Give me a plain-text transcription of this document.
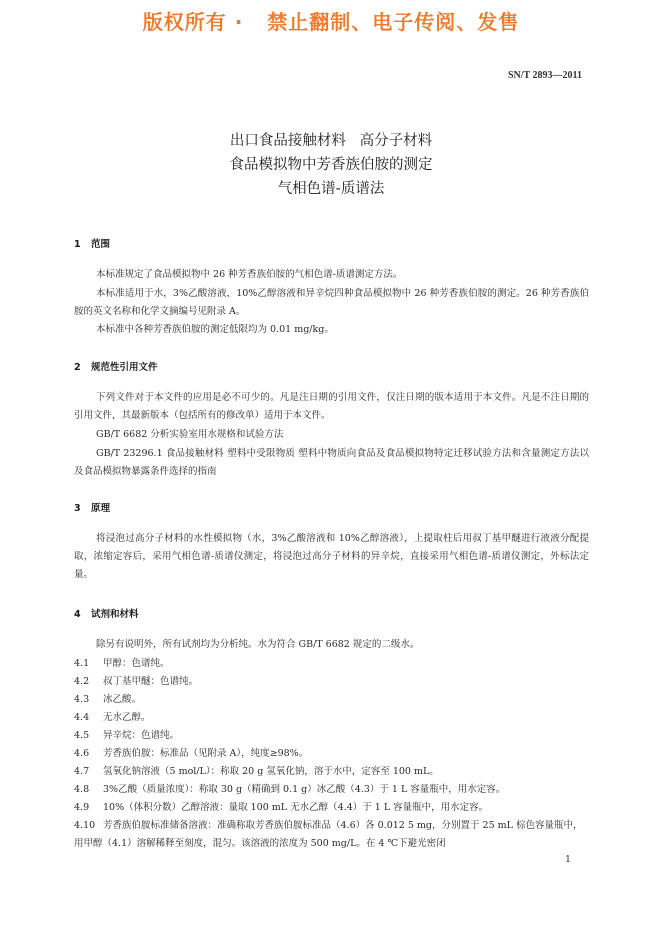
版权所有 ·   禁止翻制、电子传阅、发售
SN/T 2893—2011
出口食品接触材料   高分子材料
食品模拟物中芳香族伯胺的测定
气相色谱-质谱法
1 范围
本标准规定了食品模拟物中 26 种芳香族伯胺的气相色谱-质谱测定方法。
本标准适用于水，3%乙酸溶液，10%乙醇溶液和异辛烷四种食品模拟物中 26 种芳香族伯胺的测定。26 种芳香族伯胺的英文名称和化学文摘编号见附录 A。
本标准中各种芳香族伯胺的测定低限均为 0.01 mg/kg。
2 规范性引用文件
下列文件对于本文件的应用是必不可少的。凡是注日期的引用文件，仅注日期的版本适用于本文件。凡是不注日期的引用文件，其最新版本（包括所有的修改单）适用于本文件。
GB/T 6682 分析实验室用水规格和试验方法
GB/T 23296.1 食品接触材料 塑料中受限物质 塑料中物质向食品及食品模拟物特定迁移试验方法和含量测定方法以及食品模拟物暴露条件选择的指南
3 原理
将浸泡过高分子材料的水性模拟物（水，3%乙酸溶液和 10%乙醇溶液），上提取柱后用叔丁基甲醚进行液液分配提取，浓缩定容后，采用气相色谱-质谱仪测定，将浸泡过高分子材料的异辛烷，直接采用气相色谱-质谱仪测定，外标法定量。
4 试剂和材料
除另有说明外，所有试剂均为分析纯。水为符合 GB/T 6682 规定的二级水。
4.1 甲醇：色谱纯。
4.2 叔丁基甲醚：色谱纯。
4.3 冰乙酸。
4.4 无水乙醇。
4.5 异辛烷：色谱纯。
4.6 芳香族伯胺：标准品（见附录 A），纯度≥98%。
4.7 氢氧化钠溶液（5 mol/L）：称取 20 g 氢氧化钠，溶于水中，定容至 100 mL。
4.8 3%乙酸（质量浓度）：称取 30 g（精确到 0.1 g）冰乙酸（4.3）于 1 L 容量瓶中，用水定容。
4.9 10%（体积分数）乙醇溶液：量取 100 mL 无水乙醇（4.4）于 1 L 容量瓶中，用水定容。
4.10 芳香族伯胺标准储备溶液：准确称取芳香族伯胺标准品（4.6）各 0.012 5 mg，分别置于 25 mL 棕色容量瓶中，用甲醇（4.1）溶解稀释至刻度，混匀。该溶液的浓度为 500 mg/L。在 4 ℃下避光密闭
1
